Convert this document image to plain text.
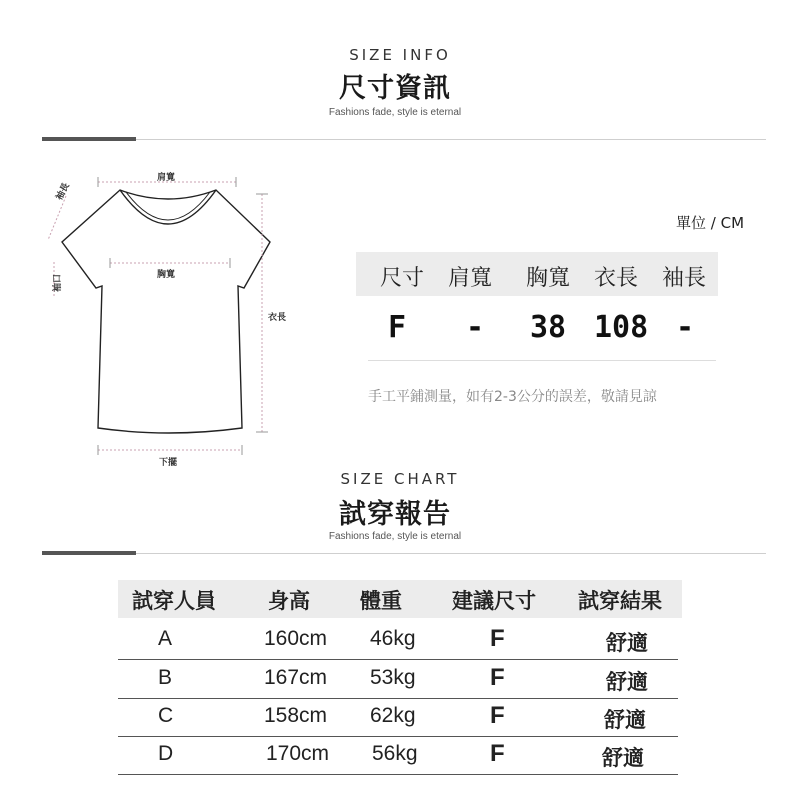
SIZE INFO
尺寸資訊
Fashions fade, style is eternal
肩寬
胸寬
衣長
袖長
袖口
下擺
單位 / CM
尺寸 肩寬 胸寬 衣長 袖長
F - 38 108 -
手工平鋪測量，如有2-3公分的誤差，敬請見諒
SIZE CHART
試穿報告
Fashions fade, style is eternal
試穿人員 身高 體重 建議尺寸 試穿結果
A	160cm 46kg	F	舒適
B	167cm 53kg	F	舒適
C	158cm 62kg	F	舒適
D	170cm 56kg	F	舒適
